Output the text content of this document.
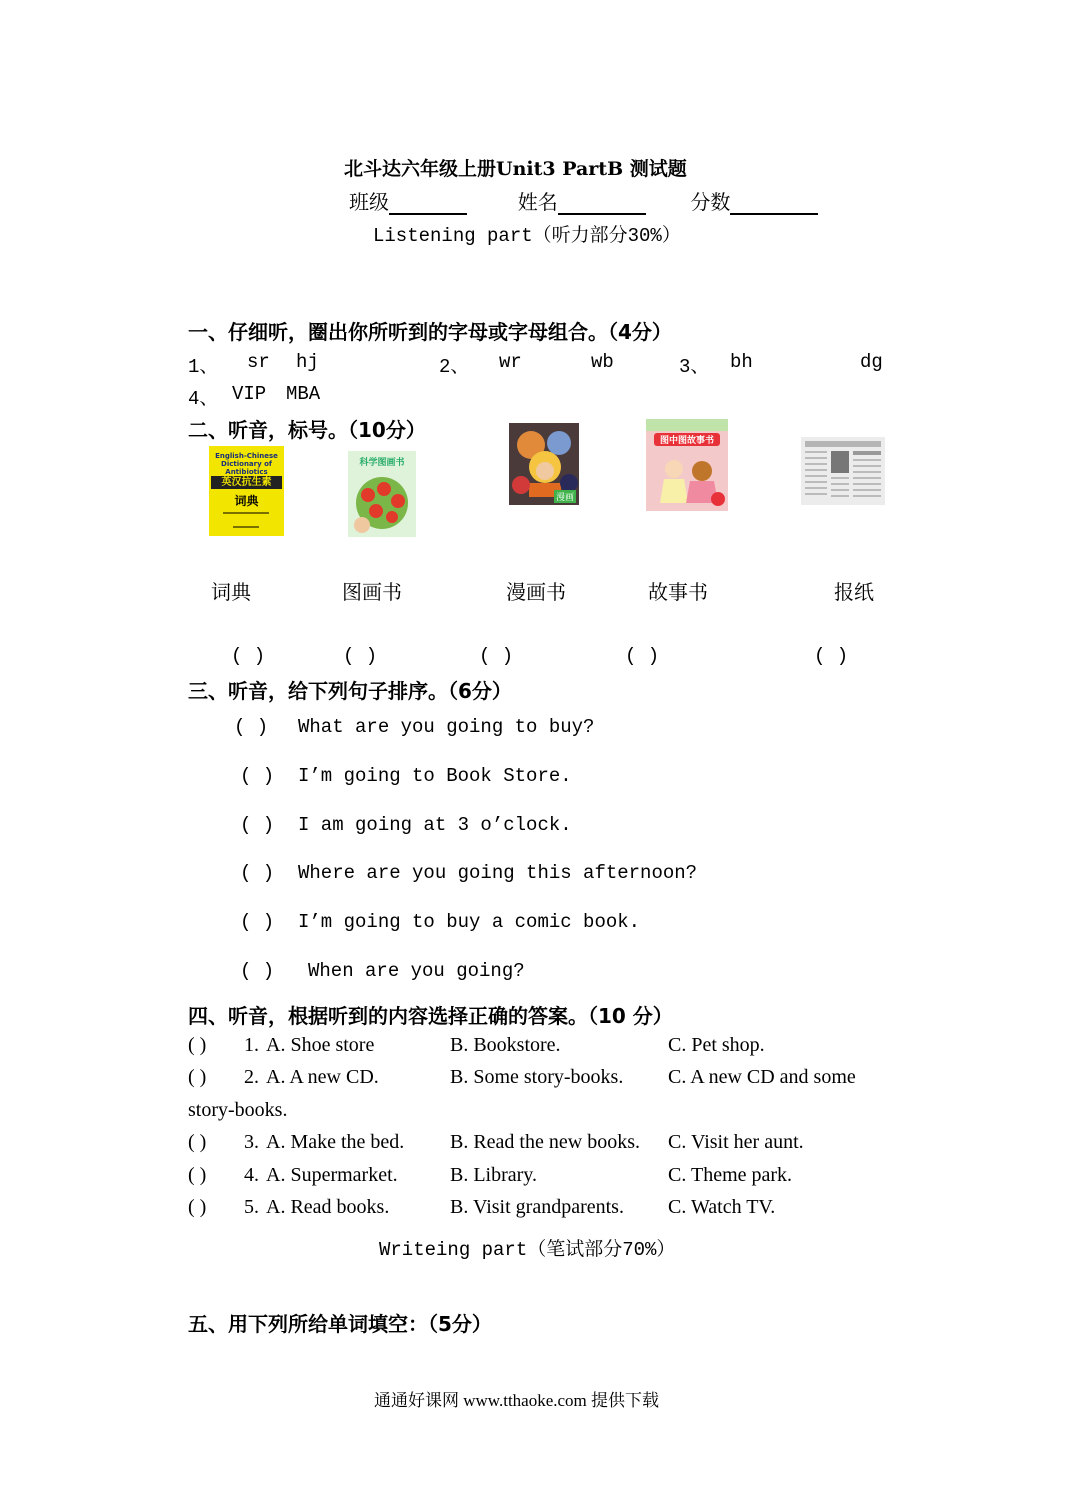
北斗达六年级上册Unit3 PartB 测试题
班级	姓名	分数
Listening part（听力部分30%）
一、仔细听，圈出你所听到的字母或字母组合。（4分）
1、 sr hj	2、 wr	wb	3、 bh	dg
4、 VIP MBA
二、听音，标号。（10分）
English-Chinese Dictionary of Antibiotics
英汉抗生素
词典
科学图画书
漫画
图中图故事书
词典	图画书	漫画书	故事书	报纸
( )	( )	( )	( )	( )
三、听音，给下列句子排序。（6分）
( ) What are you going to buy?
( ) I’m going to Book Store.
( ) I am going at 3 o’clock.
( ) Where are you going this afternoon?
( ) I’m going to buy a comic book.
( ) When are you going?
四、听音，根据听到的内容选择正确的答案。（10 分）
( ) 1. A. Shoe store	B. Bookstore.	C. Pet shop.
( ) 2. A. A new CD.	B. Some story-books. C. A new CD and some
story-books.
( ) 3. A. Make the bed. B. Read the new books. C. Visit her aunt.
( ) 4. A. Supermarket.	B. Library.	C. Theme park.
( ) 5. A. Read books.	B. Visit grandparents. C. Watch TV.
Writeing part（笔试部分70%）
五、用下列所给单词填空：（5分）
通通好课网 www.tthaoke.com 提供下载
